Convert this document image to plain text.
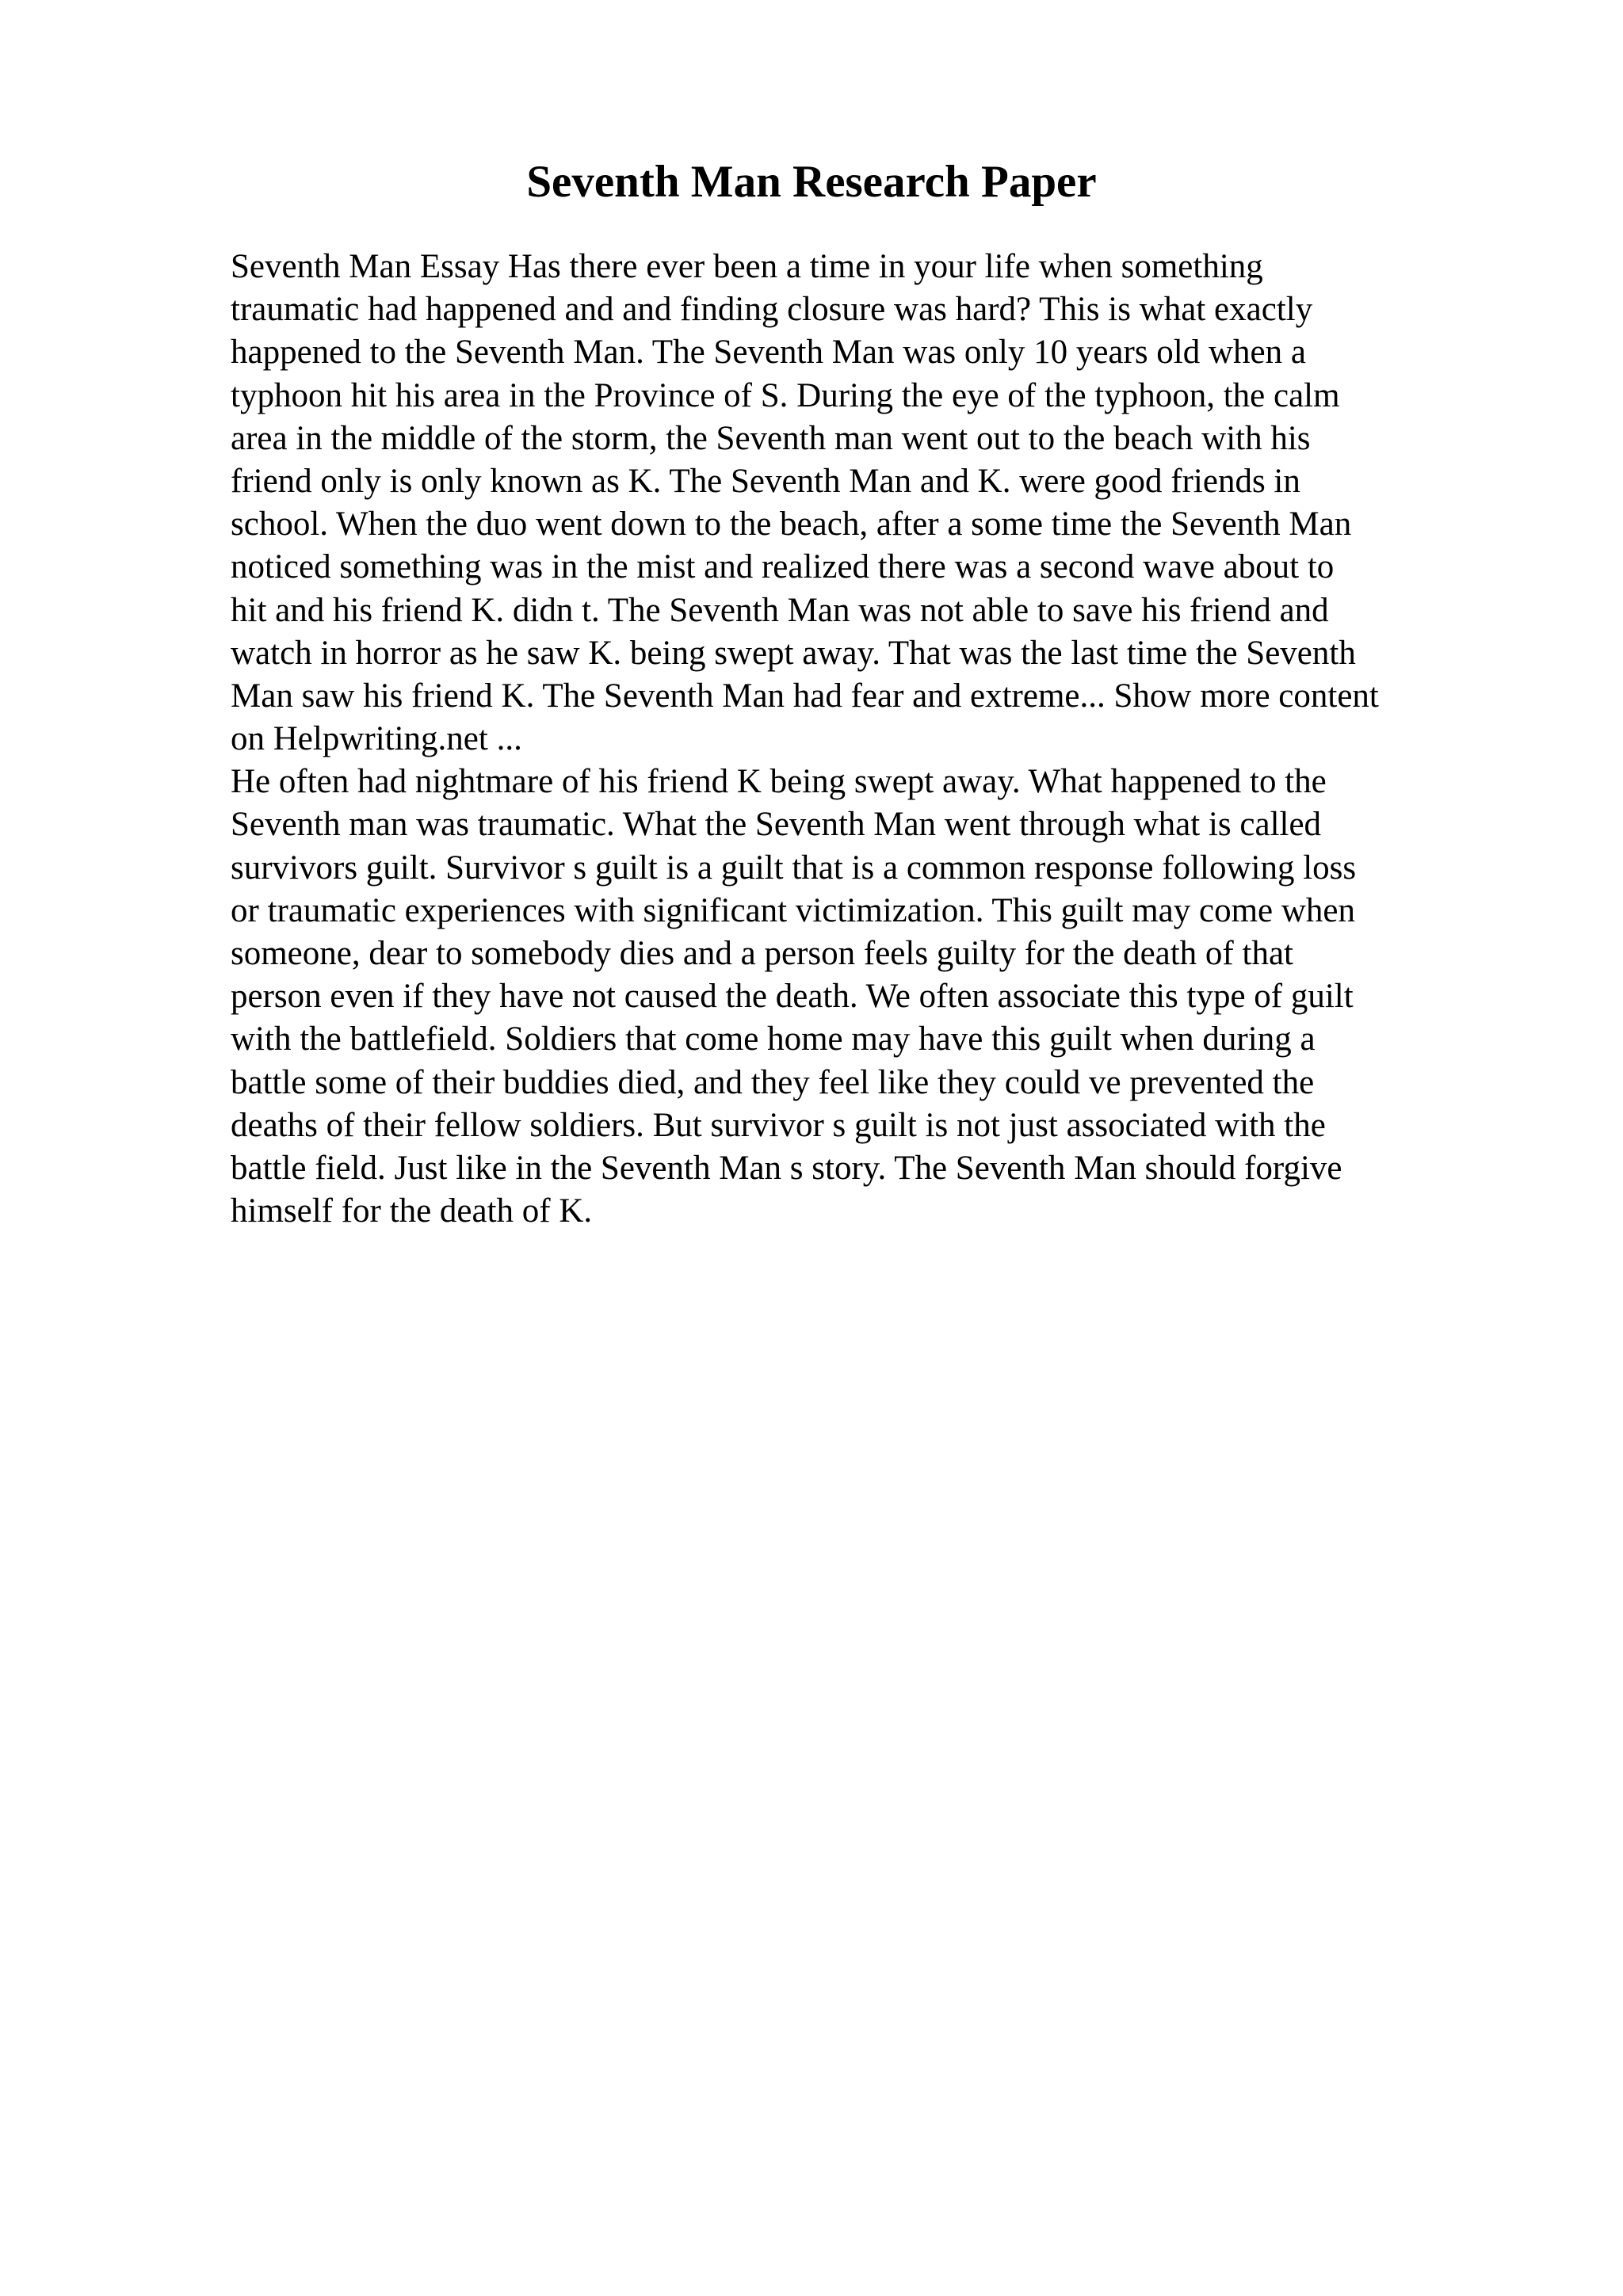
Seventh Man Research Paper
Seventh Man Essay Has there ever been a time in your life when something
traumatic had happened and and finding closure was hard? This is what exactly
happened to the Seventh Man. The Seventh Man was only 10 years old when a
typhoon hit his area in the Province of S. During the eye of the typhoon, the calm
area in the middle of the storm, the Seventh man went out to the beach with his
friend only is only known as K. The Seventh Man and K. were good friends in
school. When the duo went down to the beach, after a some time the Seventh Man
noticed something was in the mist and realized there was a second wave about to
hit and his friend K. didn t. The Seventh Man was not able to save his friend and
watch in horror as he saw K. being swept away. That was the last time the Seventh
Man saw his friend K. The Seventh Man had fear and extreme... Show more content
on Helpwriting.net ...
He often had nightmare of his friend K being swept away. What happened to the
Seventh man was traumatic. What the Seventh Man went through what is called
survivors guilt. Survivor s guilt is a guilt that is a common response following loss
or traumatic experiences with significant victimization. This guilt may come when
someone, dear to somebody dies and a person feels guilty for the death of that
person even if they have not caused the death. We often associate this type of guilt
with the battlefield. Soldiers that come home may have this guilt when during a
battle some of their buddies died, and they feel like they could ve prevented the
deaths of their fellow soldiers. But survivor s guilt is not just associated with the
battle field. Just like in the Seventh Man s story. The Seventh Man should forgive
himself for the death of K.
